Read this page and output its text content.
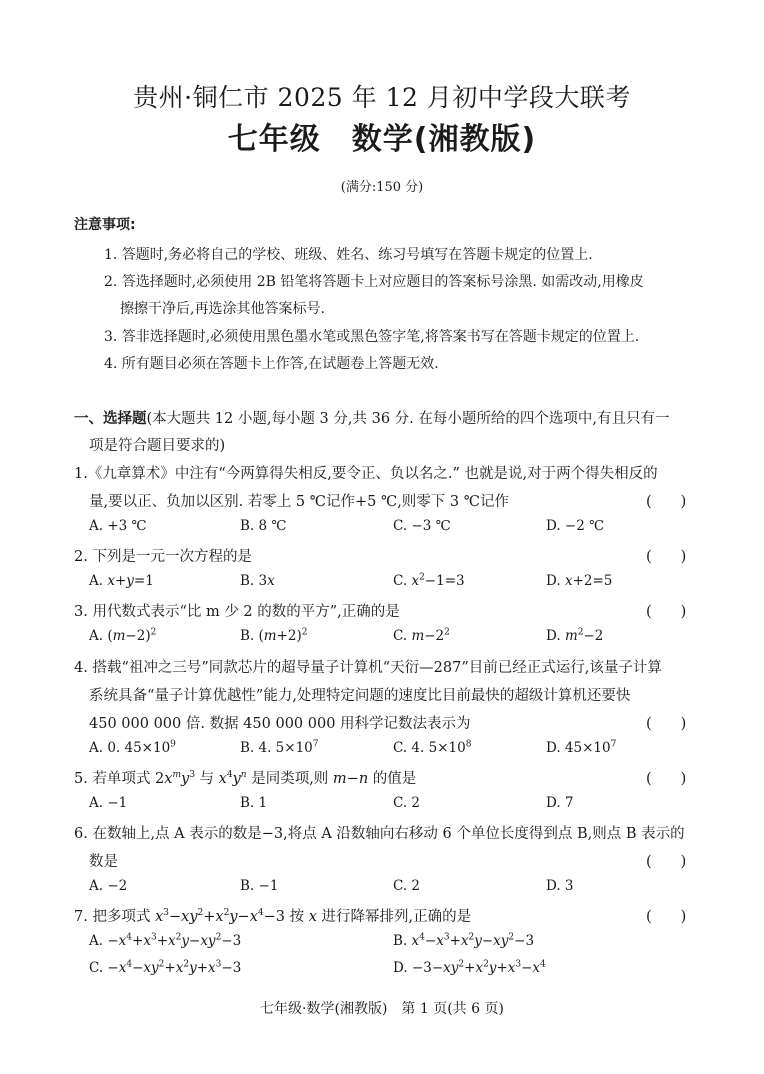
贵州·铜仁市 2025 年 12 月初中学段大联考
七年级　数学(湘教版)
(满分:150 分)
注意事项:
1. 答题时,务必将自己的学校、班级、姓名、练习号填写在答题卡规定的位置上.
2. 答选择题时,必须使用 2B 铅笔将答题卡上对应题目的答案标号涂黑. 如需改动,用橡皮
擦擦干净后,再选涂其他答案标号.
3. 答非选择题时,必须使用黑色墨水笔或黑色签字笔,将答案书写在答题卡规定的位置上.
4. 所有题目必须在答题卡上作答,在试题卷上答题无效.
一、选择题(本大题共 12 小题,每小题 3 分,共 36 分. 在每小题所给的四个选项中,有且只有一
项是符合题目要求的)
1.《九章算术》中注有“今两算得失相反,要令正、负以名之.” 也就是说,对于两个得失相反的
量,要以正、负加以区别. 若零上 5 ℃记作+5 ℃,则零下 3 ℃记作	(　　)
A. +3 ℃	B. 8 ℃	C. −3 ℃	D. −2 ℃
2. 下列是一元一次方程的是	(　　)
A. x+y=1	B. 3x	C. $x^2-1=3$	D. x+2=5
3. 用代数式表示“比 m 少 2 的数的平方”,正确的是	(　　)
A. $(m-2)^2$	B. $(m+2)^2$	C. $m-2^2$	D. $m^2-2$
4. 搭载“祖冲之三号”同款芯片的超导量子计算机“天衍—287”目前已经正式运行,该量子计算
系统具备“量子计算优越性”能力,处理特定问题的速度比目前最快的超级计算机还要快
450 000 000 倍. 数据 450 000 000 用科学记数法表示为	(　　)
A. 0. $45\times 10^9$	B. 4. $5\times 10^7$	C. 4. $5\times 10^8$	D. $45\times 10^7$
5. 若单项式 $2x^my^3$ 与 $x^4y^n$ 是同类项,则 m−n 的值是	(　　)
A. −1	B. 1	C. 2	D. 7
6. 在数轴上,点 A 表示的数是−3,将点 A 沿数轴向右移动 6 个单位长度得到点 B,则点 B 表示的
数是	(　　)
A. −2	B. −1	C. 2	D. 3
7. 把多项式 $x^3-xy^2+x^2y-x^4-3$ 按 x 进行降幂排列,正确的是	(　　)
A. $-x^4+x^3+x^2y-xy^2-3$	B. $x^4-x^3+x^2y-xy^2-3$
C. $-x^4-xy^2+x^2y+x^3-3$	D. $-3-xy^2+x^2y+x^3-x^4$
七年级·数学(湘教版)　第 1 页(共 6 页)
